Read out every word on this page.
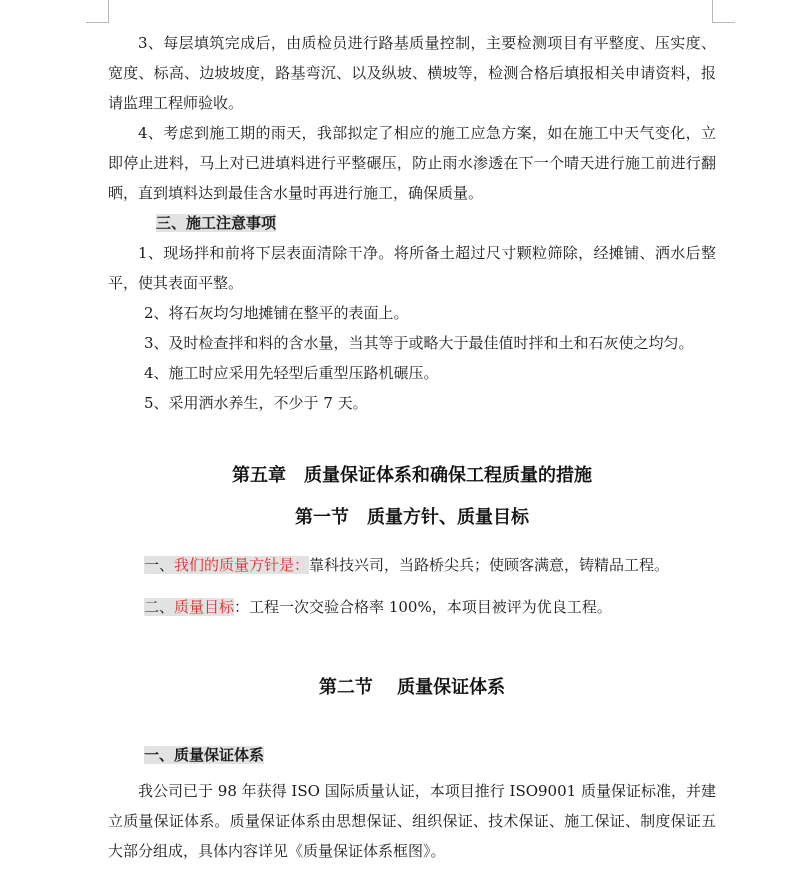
3、每层填筑完成后，由质检员进行路基质量控制，主要检测项目有平整度、压实度、宽度、标高、边坡坡度，路基弯沉、以及纵坡、横坡等，检测合格后填报相关申请资料，报请监理工程师验收。

4、考虑到施工期的雨天，我部拟定了相应的施工应急方案，如在施工中天气变化，立即停止进料，马上对已进填料进行平整碾压，防止雨水渗透在下一个晴天进行施工前进行翻晒，直到填料达到最佳含水量时再进行施工，确保质量。

三、施工注意事项

1、现场拌和前将下层表面清除干净。将所备土超过尺寸颗粒筛除，经摊铺、洒水后整平，使其表面平整。

2、将石灰均匀地摊铺在整平的表面上。

3、及时检查拌和料的含水量，当其等于或略大于最佳值时拌和土和石灰使之均匀。

4、施工时应采用先轻型后重型压路机碾压。

5、采用洒水养生，不少于 7 天。

第五章　质量保证体系和确保工程质量的措施
第一节　质量方针、质量目标

一、我们的质量方针是：靠科技兴司，当路桥尖兵；使顾客满意，铸精品工程。

二、质量目标：工程一次交验合格率 100%，本项目被评为优良工程。

第二节　 质量保证体系
一、质量保证体系

我公司已于 98 年获得 ISO 国际质量认证，本项目推行 ISO9001 质量保证标准，并建立质量保证体系。质量保证体系由思想保证、组织保证、技术保证、施工保证、制度保证五大部分组成，具体内容详见《质量保证体系框图》。
